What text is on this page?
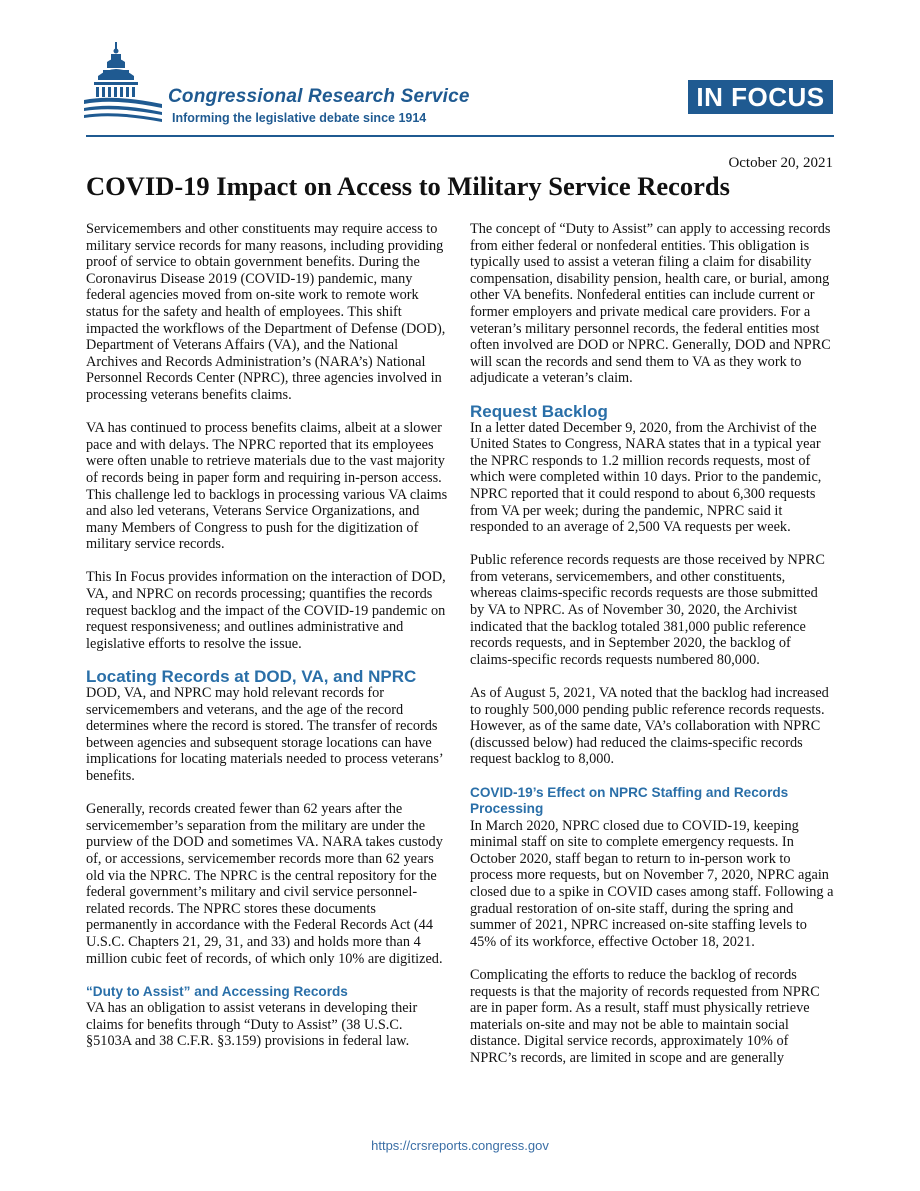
Congressional Research Service
Informing the legislative debate since 1914
IN FOCUS
October 20, 2021
COVID-19 Impact on Access to Military Service Records

Servicemembers and other constituents may require access to military service records for many reasons, including providing proof of service to obtain government benefits. During the Coronavirus Disease 2019 (COVID-19) pandemic, many federal agencies moved from on-site work to remote work status for the safety and health of employees. This shift impacted the workflows of the Department of Defense (DOD), Department of Veterans Affairs (VA), and the National Archives and Records Administration’s (NARA’s) National Personnel Records Center (NPRC), three agencies involved in processing veterans benefits claims.

VA has continued to process benefits claims, albeit at a slower pace and with delays. The NPRC reported that its employees were often unable to retrieve materials due to the vast majority of records being in paper form and requiring in-person access. This challenge led to backlogs in processing various VA claims and also led veterans, Veterans Service Organizations, and many Members of Congress to push for the digitization of military service records.

This In Focus provides information on the interaction of DOD, VA, and NPRC on records processing; quantifies the records request backlog and the impact of the COVID-19 pandemic on request responsiveness; and outlines administrative and legislative efforts to resolve the issue.

Locating Records at DOD, VA, and NPRC

DOD, VA, and NPRC may hold relevant records for servicemembers and veterans, and the age of the record determines where the record is stored. The transfer of records between agencies and subsequent storage locations can have implications for locating materials needed to process veterans’ benefits.

Generally, records created fewer than 62 years after the servicemember’s separation from the military are under the purview of the DOD and sometimes VA. NARA takes custody of, or accessions, servicemember records more than 62 years old via the NPRC. The NPRC is the central repository for the federal government’s military and civil service personnel-related records. The NPRC stores these documents permanently in accordance with the Federal Records Act (44 U.S.C. Chapters 21, 29, 31, and 33) and holds more than 4 million cubic feet of records, of which only 10% are digitized.

“Duty to Assist” and Accessing Records

VA has an obligation to assist veterans in developing their claims for benefits through “Duty to Assist” (38 U.S.C. §5103A and 38 C.F.R. §3.159) provisions in federal law.

The concept of “Duty to Assist” can apply to accessing records from either federal or nonfederal entities. This obligation is typically used to assist a veteran filing a claim for disability compensation, disability pension, health care, or burial, among other VA benefits. Nonfederal entities can include current or former employers and private medical care providers. For a veteran’s military personnel records, the federal entities most often involved are DOD or NPRC. Generally, DOD and NPRC will scan the records and send them to VA as they work to adjudicate a veteran’s claim.

Request Backlog

In a letter dated December 9, 2020, from the Archivist of the United States to Congress, NARA states that in a typical year the NPRC responds to 1.2 million records requests, most of which were completed within 10 days. Prior to the pandemic, NPRC reported that it could respond to about 6,300 requests from VA per week; during the pandemic, NPRC said it responded to an average of 2,500 VA requests per week.

Public reference records requests are those received by NPRC from veterans, servicemembers, and other constituents, whereas claims-specific records requests are those submitted by VA to NPRC. As of November 30, 2020, the Archivist indicated that the backlog totaled 381,000 public reference records requests, and in September 2020, the backlog of claims-specific records requests numbered 80,000.

As of August 5, 2021, VA noted that the backlog had increased to roughly 500,000 pending public reference records requests. However, as of the same date, VA’s collaboration with NPRC (discussed below) had reduced the claims-specific records request backlog to 8,000.

COVID-19’s Effect on NPRC Staffing and Records Processing

In March 2020, NPRC closed due to COVID-19, keeping minimal staff on site to complete emergency requests. In October 2020, staff began to return to in-person work to process more requests, but on November 7, 2020, NPRC again closed due to a spike in COVID cases among staff. Following a gradual restoration of on-site staff, during the spring and summer of 2021, NPRC increased on-site staffing levels to 45% of its workforce, effective October 18, 2021.

Complicating the efforts to reduce the backlog of records requests is that the majority of records requested from NPRC are in paper form. As a result, staff must physically retrieve materials on-site and may not be able to maintain social distance. Digital service records, approximately 10% of NPRC’s records, are limited in scope and are generally

https://crsreports.congress.gov
